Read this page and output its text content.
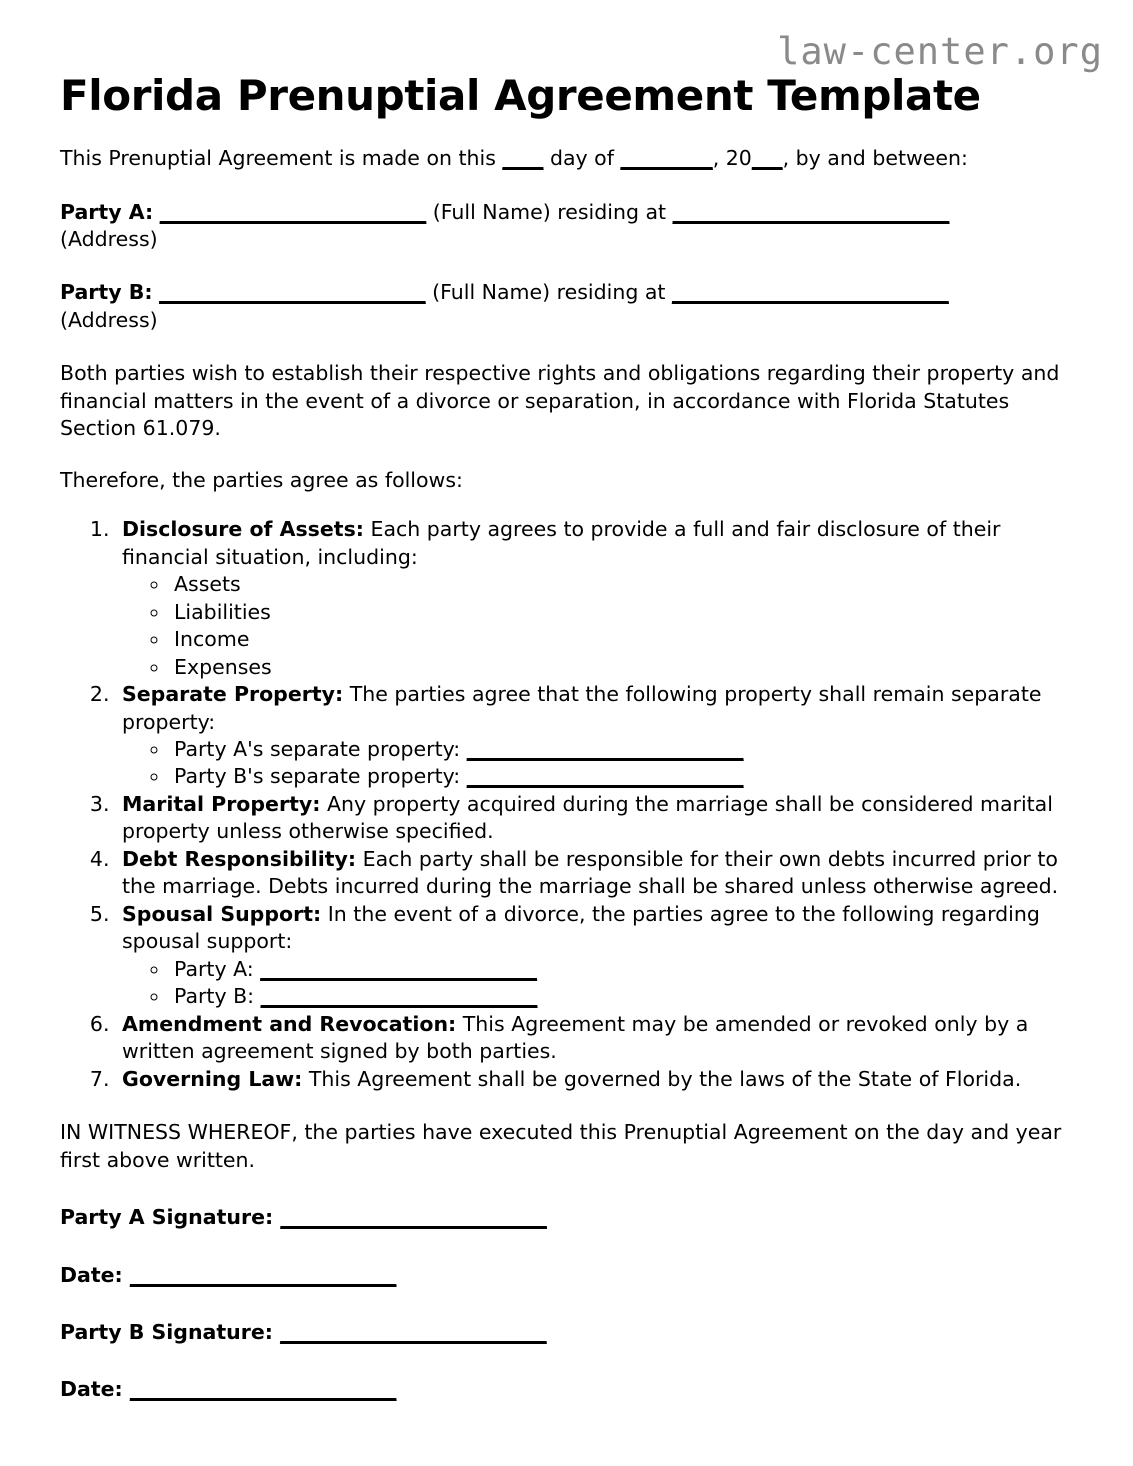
law-center.org
Florida Prenuptial Agreement Template

This Prenuptial Agreement is made on this ____ day of _________, 20___, by and between:

Party A: __________________________ (Full Name) residing at ___________________________
(Address)

Party B: __________________________ (Full Name) residing at ___________________________
(Address)

Both parties wish to establish their respective rights and obligations regarding their property and financial matters in the event of a divorce or separation, in accordance with Florida Statutes Section 61.079.

Therefore, the parties agree as follows:

1. Disclosure of Assets: Each party agrees to provide a full and fair disclosure of their financial situation, including:
◦ Assets
◦ Liabilities
◦ Income
◦ Expenses
2. Separate Property: The parties agree that the following property shall remain separate property:
◦ Party A's separate property: ___________________________
◦ Party B's separate property: ___________________________
3. Marital Property: Any property acquired during the marriage shall be considered marital property unless otherwise specified.
4. Debt Responsibility: Each party shall be responsible for their own debts incurred prior to the marriage. Debts incurred during the marriage shall be shared unless otherwise agreed.
5. Spousal Support: In the event of a divorce, the parties agree to the following regarding spousal support:
◦ Party A: ___________________________
◦ Party B: ___________________________
6. Amendment and Revocation: This Agreement may be amended or revoked only by a written agreement signed by both parties.
7. Governing Law: This Agreement shall be governed by the laws of the State of Florida.

IN WITNESS WHEREOF, the parties have executed this Prenuptial Agreement on the day and year first above written.

Party A Signature: __________________________

Date: __________________________

Party B Signature: __________________________

Date: __________________________
